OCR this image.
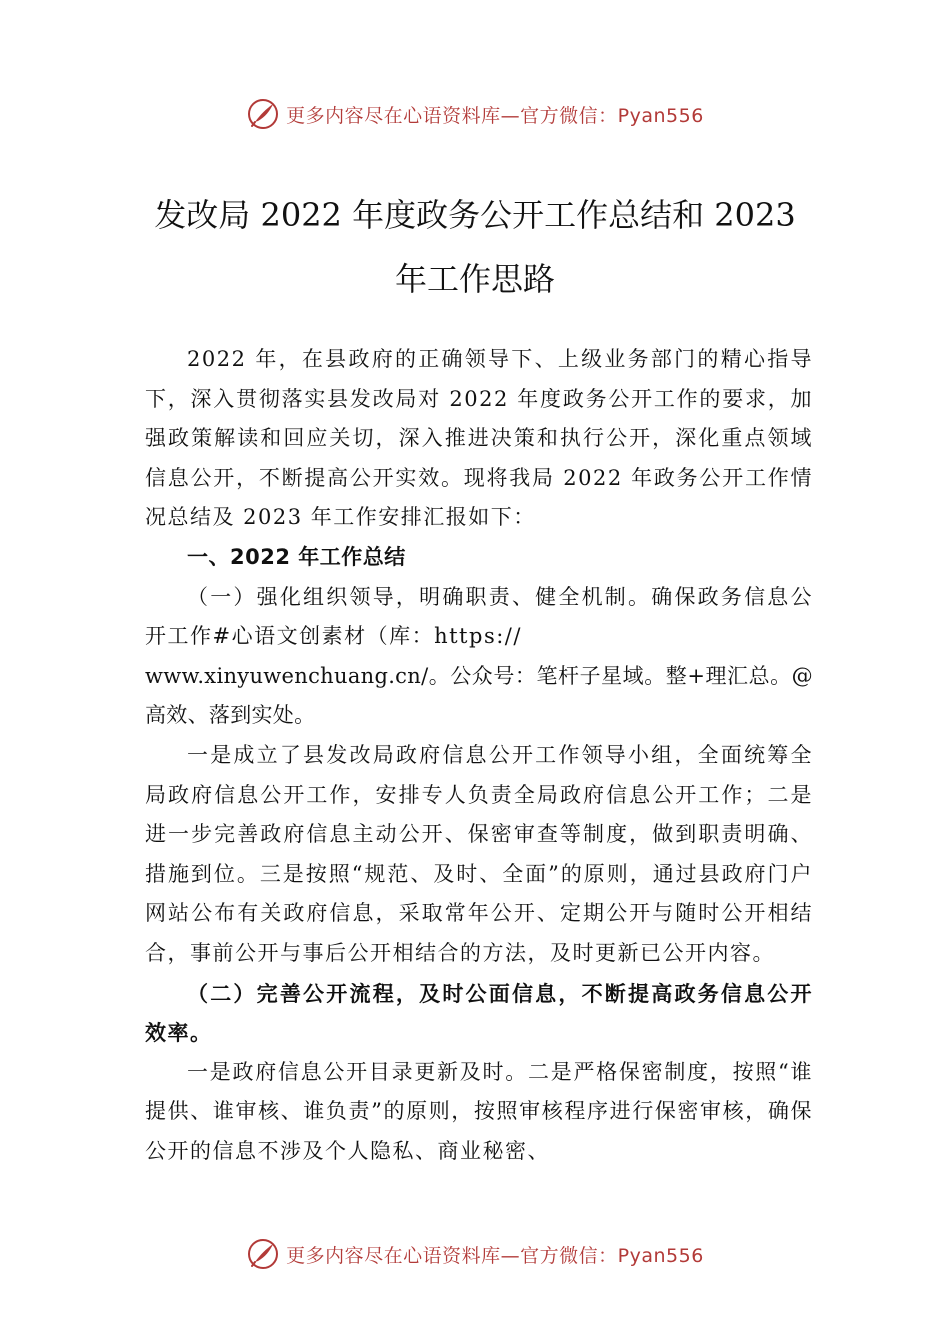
更多内容尽在心语资料库—官方微信：Pyan556
发改局 2022 年度政务公开工作总结和 2023
年工作思路

2022 年，在县政府的正确领导下、上级业务部门的精心指导下，深入贯彻落实县发改局对 2022 年度政务公开工作的要求，加强政策解读和回应关切，深入推进决策和执行公开，深化重点领域信息公开，不断提高公开实效。现将我局 2022 年政务公开工作情况总结及 2023 年工作安排汇报如下：

一、2022 年工作总结

（一）强化组织领导，明确职责、健全机制。确保政务信息公开工作#心语文创素材（库：https://

www.xinyuwenchuang.cn/。公众号：笔杆子星域。整+理汇总。@高效、落到实处。

一是成立了县发改局政府信息公开工作领导小组，全面统筹全局政府信息公开工作，安排专人负责全局政府信息公开工作；二是进一步完善政府信息主动公开、保密审查等制度，做到职责明确、措施到位。三是按照“规范、及时、全面”的原则，通过县政府门户网站公布有关政府信息，采取常年公开、定期公开与随时公开相结合，事前公开与事后公开相结合的方法，及时更新已公开内容。

（二）完善公开流程，及时公面信息，不断提高政务信息公开效率。

一是政府信息公开目录更新及时。二是严格保密制度，按照“谁提供、谁审核、谁负责”的原则，按照审核程序进行保密审核，确保公开的信息不涉及个人隐私、商业秘密、

更多内容尽在心语资料库—官方微信：Pyan556
